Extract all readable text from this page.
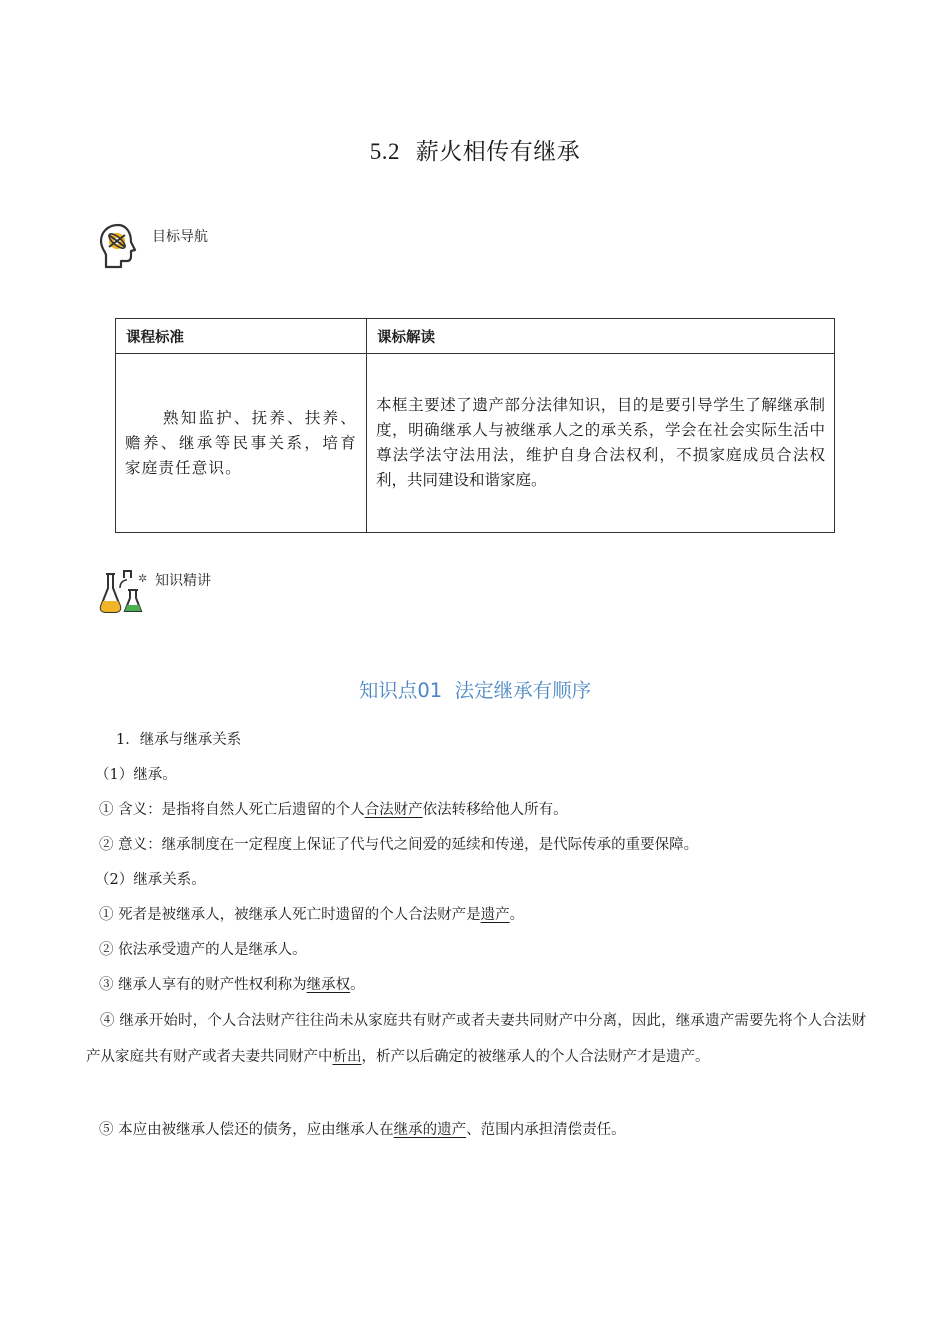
5.2 薪火相传有继承
目标导航
课程标准	课标解读
熟知监护、抚养、扶养、赡养、继承等民事关系，培育家庭责任意识。	本框主要述了遗产部分法律知识，目的是要引导学生了解继承制度，明确继承人与被继承人之的承关系，学会在社会实际生活中尊法学法守法用法，维护自身合法权利，不损家庭成员合法权利，共同建设和谐家庭。
✲ 知识精讲
知识点01  法定继承有顺序
1．继承与继承关系
（1）继承。
① 含义：是指将自然人死亡后遗留的个人合法财产依法转移给他人所有。
② 意义：继承制度在一定程度上保证了代与代之间爱的延续和传递，是代际传承的重要保障。
（2）继承关系。
① 死者是被继承人，被继承人死亡时遗留的个人合法财产是遗产。
② 依法承受遗产的人是继承人。
③ 继承人享有的财产性权利称为继承权。
④ 继承开始时，个人合法财产往往尚未从家庭共有财产或者夫妻共同财产中分离，因此，继承遗产需要先将个人合法财产从家庭共有财产或者夫妻共同财产中析出，析产以后确定的被继承人的个人合法财产才是遗产。
⑤ 本应由被继承人偿还的债务，应由继承人在继承的遗产、范围内承担清偿责任。
